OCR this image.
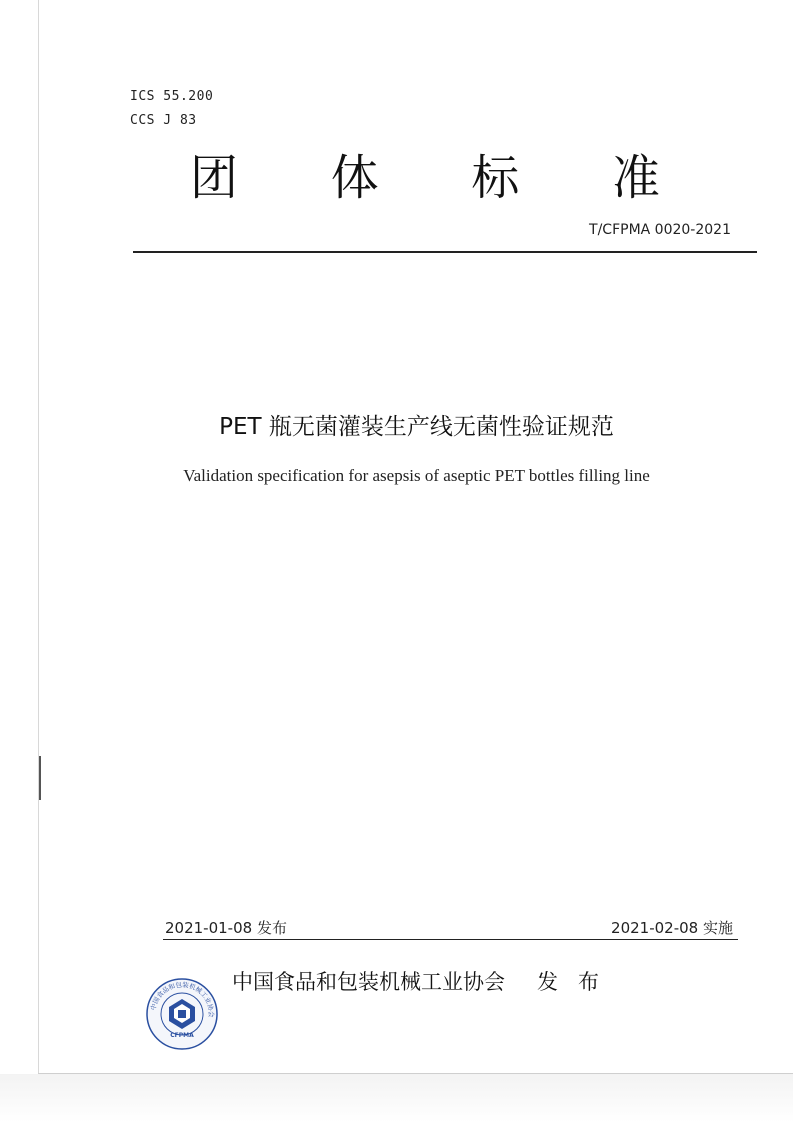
ICS 55.200
CCS J 83
团 体 标 准
T/CFPMA 0020-2021
PET 瓶无菌灌装生产线无菌性验证规范
Validation specification for asepsis of aseptic PET bottles filling line
2021-01-08 发布	2021-02-08 实施
中国食品和包装机械工业协会
CFPMA
中国食品和包装机械工业协会 发布
